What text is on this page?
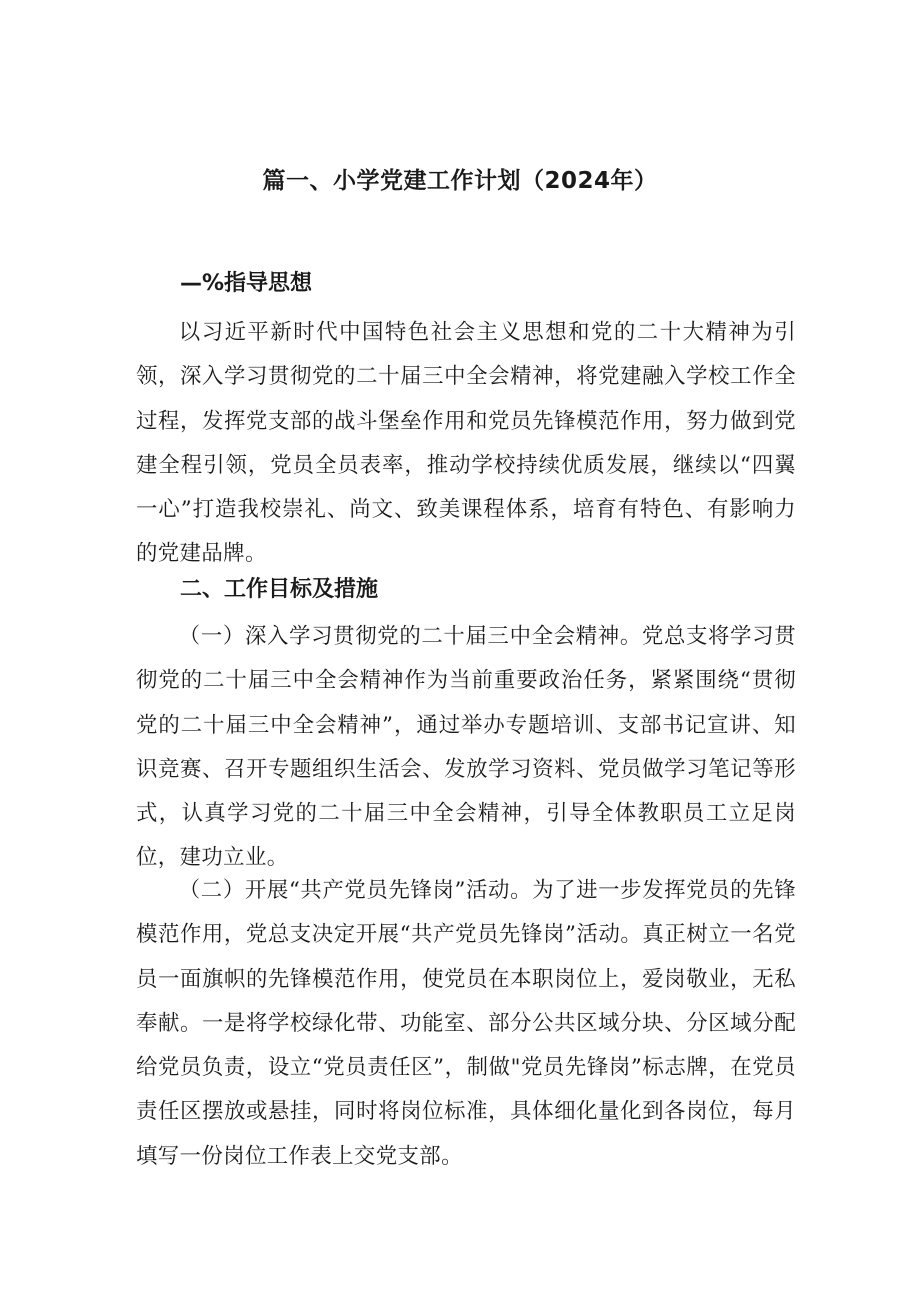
篇一、小学党建工作计划（2024年）
—%指导思想
以习近平新时代中国特色社会主义思想和党的二十大精神为引领，深入学习贯彻党的二十届三中全会精神，将党建融入学校工作全过程，发挥党支部的战斗堡垒作用和党员先锋模范作用，努力做到党建全程引领，党员全员表率，推动学校持续优质发展，继续以“四翼一心”打造我校崇礼、尚文、致美课程体系，培育有特色、有影响力的党建品牌。
二、工作目标及措施
（一）深入学习贯彻党的二十届三中全会精神。党总支将学习贯彻党的二十届三中全会精神作为当前重要政治任务，紧紧围绕“贯彻党的二十届三中全会精神”，通过举办专题培训、支部书记宣讲、知识竞赛、召开专题组织生活会、发放学习资料、党员做学习笔记等形式，认真学习党的二十届三中全会精神，引导全体教职员工立足岗位，建功立业。
（二）开展“共产党员先锋岗”活动。为了进一步发挥党员的先锋模范作用，党总支决定开展“共产党员先锋岗”活动。真正树立一名党员一面旗帜的先锋模范作用，使党员在本职岗位上，爱岗敬业，无私奉献。一是将学校绿化带、功能室、部分公共区域分块、分区域分配给党员负责，设立“党员责任区”，制做"党员先锋岗”标志牌，在党员责任区摆放或悬挂，同时将岗位标准，具体细化量化到各岗位，每月填写一份岗位工作表上交党支部。
